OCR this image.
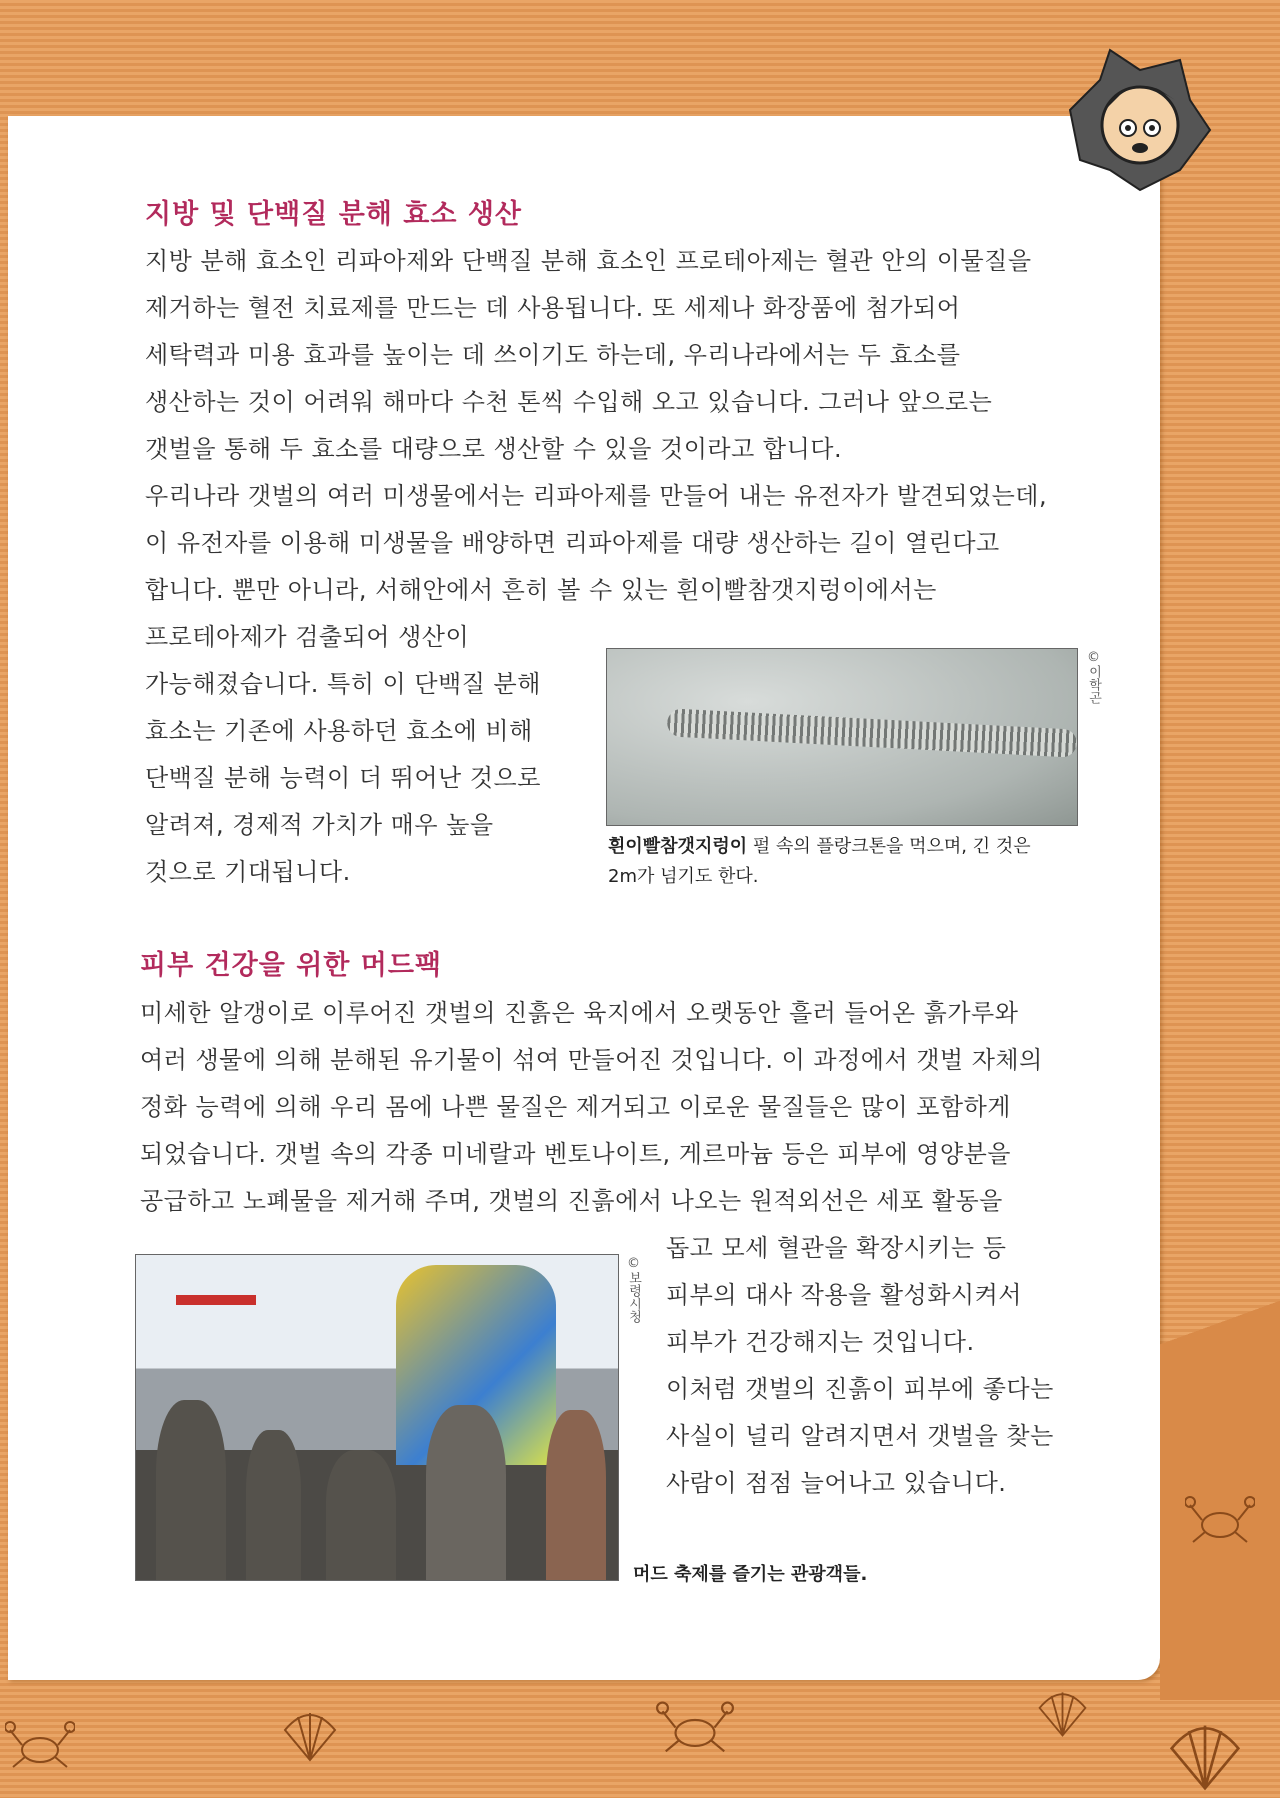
지방 및 단백질 분해 효소 생산
지방 분해 효소인 리파아제와 단백질 분해 효소인 프로테아제는 혈관 안의 이물질을
제거하는 혈전 치료제를 만드는 데 사용됩니다. 또 세제나 화장품에 첨가되어
세탁력과 미용 효과를 높이는 데 쓰이기도 하는데, 우리나라에서는 두 효소를
생산하는 것이 어려워 해마다 수천 톤씩 수입해 오고 있습니다. 그러나 앞으로는
갯벌을 통해 두 효소를 대량으로 생산할 수 있을 것이라고 합니다.
우리나라 갯벌의 여러 미생물에서는 리파아제를 만들어 내는 유전자가 발견되었는데,
이 유전자를 이용해 미생물을 배양하면 리파아제를 대량 생산하는 길이 열린다고
합니다. 뿐만 아니라, 서해안에서 흔히 볼 수 있는 흰이빨참갯지렁이에서는
프로테아제가 검출되어 생산이
가능해졌습니다. 특히 이 단백질 분해
효소는 기존에 사용하던 효소에 비해
단백질 분해 능력이 더 뛰어난 것으로
알려져, 경제적 가치가 매우 높을
것으로 기대됩니다.
©이학곤
흰이빨참갯지렁이 펄 속의 플랑크톤을 먹으며, 긴 것은
2m가 넘기도 한다.
피부 건강을 위한 머드팩
미세한 알갱이로 이루어진 갯벌의 진흙은 육지에서 오랫동안 흘러 들어온 흙가루와
여러 생물에 의해 분해된 유기물이 섞여 만들어진 것입니다. 이 과정에서 갯벌 자체의
정화 능력에 의해 우리 몸에 나쁜 물질은 제거되고 이로운 물질들은 많이 포함하게
되었습니다. 갯벌 속의 각종 미네랄과 벤토나이트, 게르마늄 등은 피부에 영양분을
공급하고 노폐물을 제거해 주며, 갯벌의 진흙에서 나오는 원적외선은 세포 활동을
돕고 모세 혈관을 확장시키는 등
피부의 대사 작용을 활성화시켜서
피부가 건강해지는 것입니다.
이처럼 갯벌의 진흙이 피부에 좋다는
사실이 널리 알려지면서 갯벌을 찾는
사람이 점점 늘어나고 있습니다.
©보령시청
머드 축제를 즐기는 관광객들.
